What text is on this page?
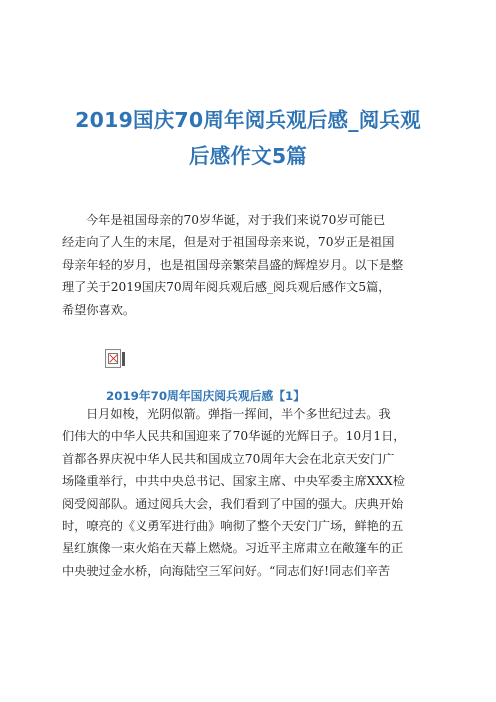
2019国庆70周年阅兵观后感_阅兵观
后感作文5篇
今年是祖国母亲的70岁华诞，对于我们来说70岁可能已
经走向了人生的末尾，但是对于祖国母亲来说，70岁正是祖国
母亲年轻的岁月，也是祖国母亲繁荣昌盛的辉煌岁月。以下是整
理了关于2019国庆70周年阅兵观后感_阅兵观后感作文5篇，
希望你喜欢。
2019年70周年国庆阅兵观后感【1】
日月如梭，光阴似箭。弹指一挥间，半个多世纪过去。我
们伟大的中华人民共和国迎来了70华诞的光辉日子。10月1日，
首都各界庆祝中华人民共和国成立70周年大会在北京天安门广
场隆重举行，中共中央总书记、国家主席、中央军委主席XXX检
阅受阅部队。通过阅兵大会，我们看到了中国的强大。庆典开始
时，嘹亮的《义勇军进行曲》响彻了整个天安门广场，鲜艳的五
星红旗像一束火焰在天幕上燃烧。习近平主席肃立在敞篷车的正
中央驶过金水桥，向海陆空三军问好。“同志们好!同志们辛苦
